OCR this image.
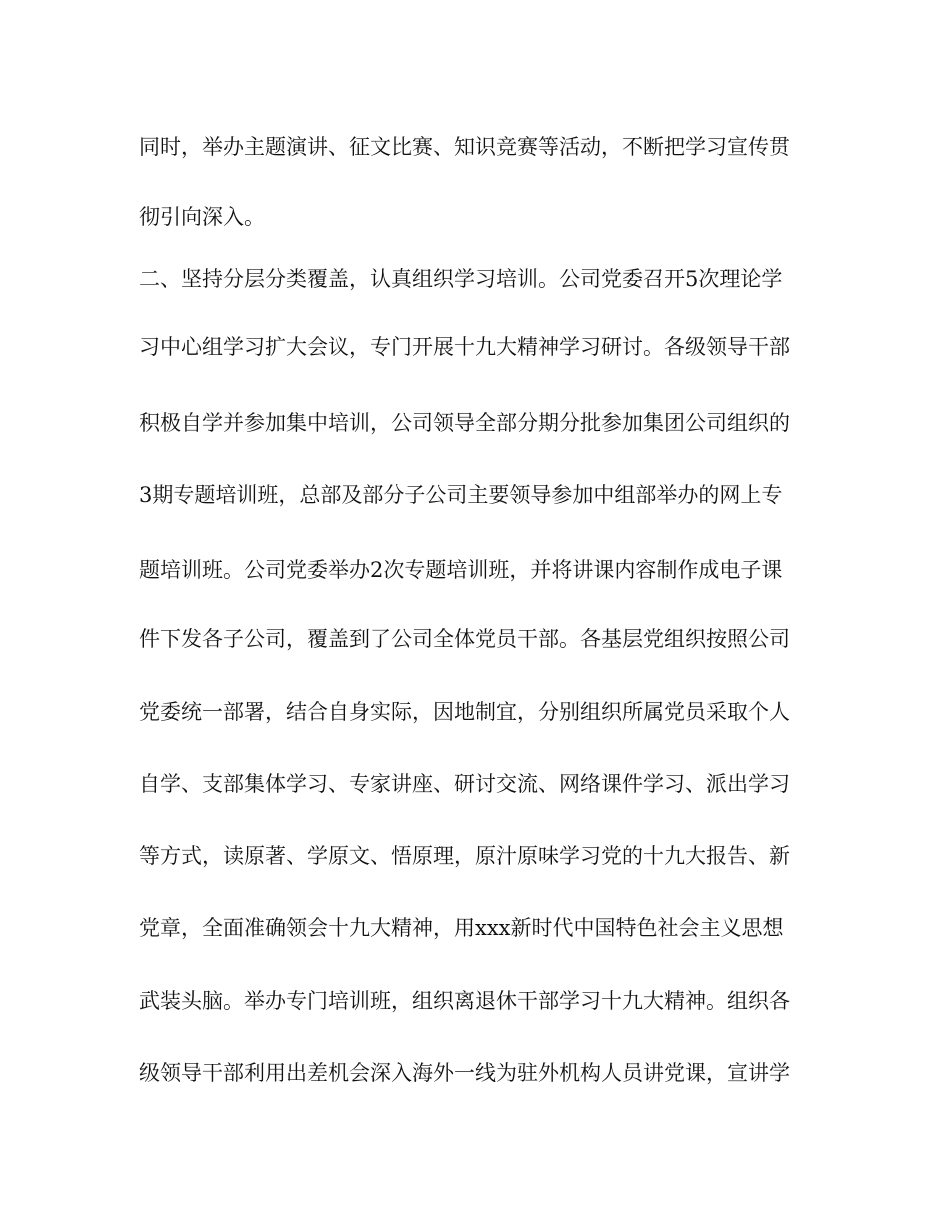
同时，举办主题演讲、征文比赛、知识竞赛等活动，不断把学习宣传贯
彻引向深入。
二、坚持分层分类覆盖，认真组织学习培训。公司党委召开5次理论学
习中心组学习扩大会议，专门开展十九大精神学习研讨。各级领导干部
积极自学并参加集中培训，公司领导全部分期分批参加集团公司组织的
3期专题培训班，总部及部分子公司主要领导参加中组部举办的网上专
题培训班。公司党委举办2次专题培训班，并将讲课内容制作成电子课
件下发各子公司，覆盖到了公司全体党员干部。各基层党组织按照公司
党委统一部署，结合自身实际，因地制宜，分别组织所属党员采取个人
自学、支部集体学习、专家讲座、研讨交流、网络课件学习、派出学习
等方式，读原著、学原文、悟原理，原汁原味学习党的十九大报告、新
党章，全面准确领会十九大精神，用xxx新时代中国特色社会主义思想
武装头脑。举办专门培训班，组织离退休干部学习十九大精神。组织各
级领导干部利用出差机会深入海外一线为驻外机构人员讲党课，宣讲学
